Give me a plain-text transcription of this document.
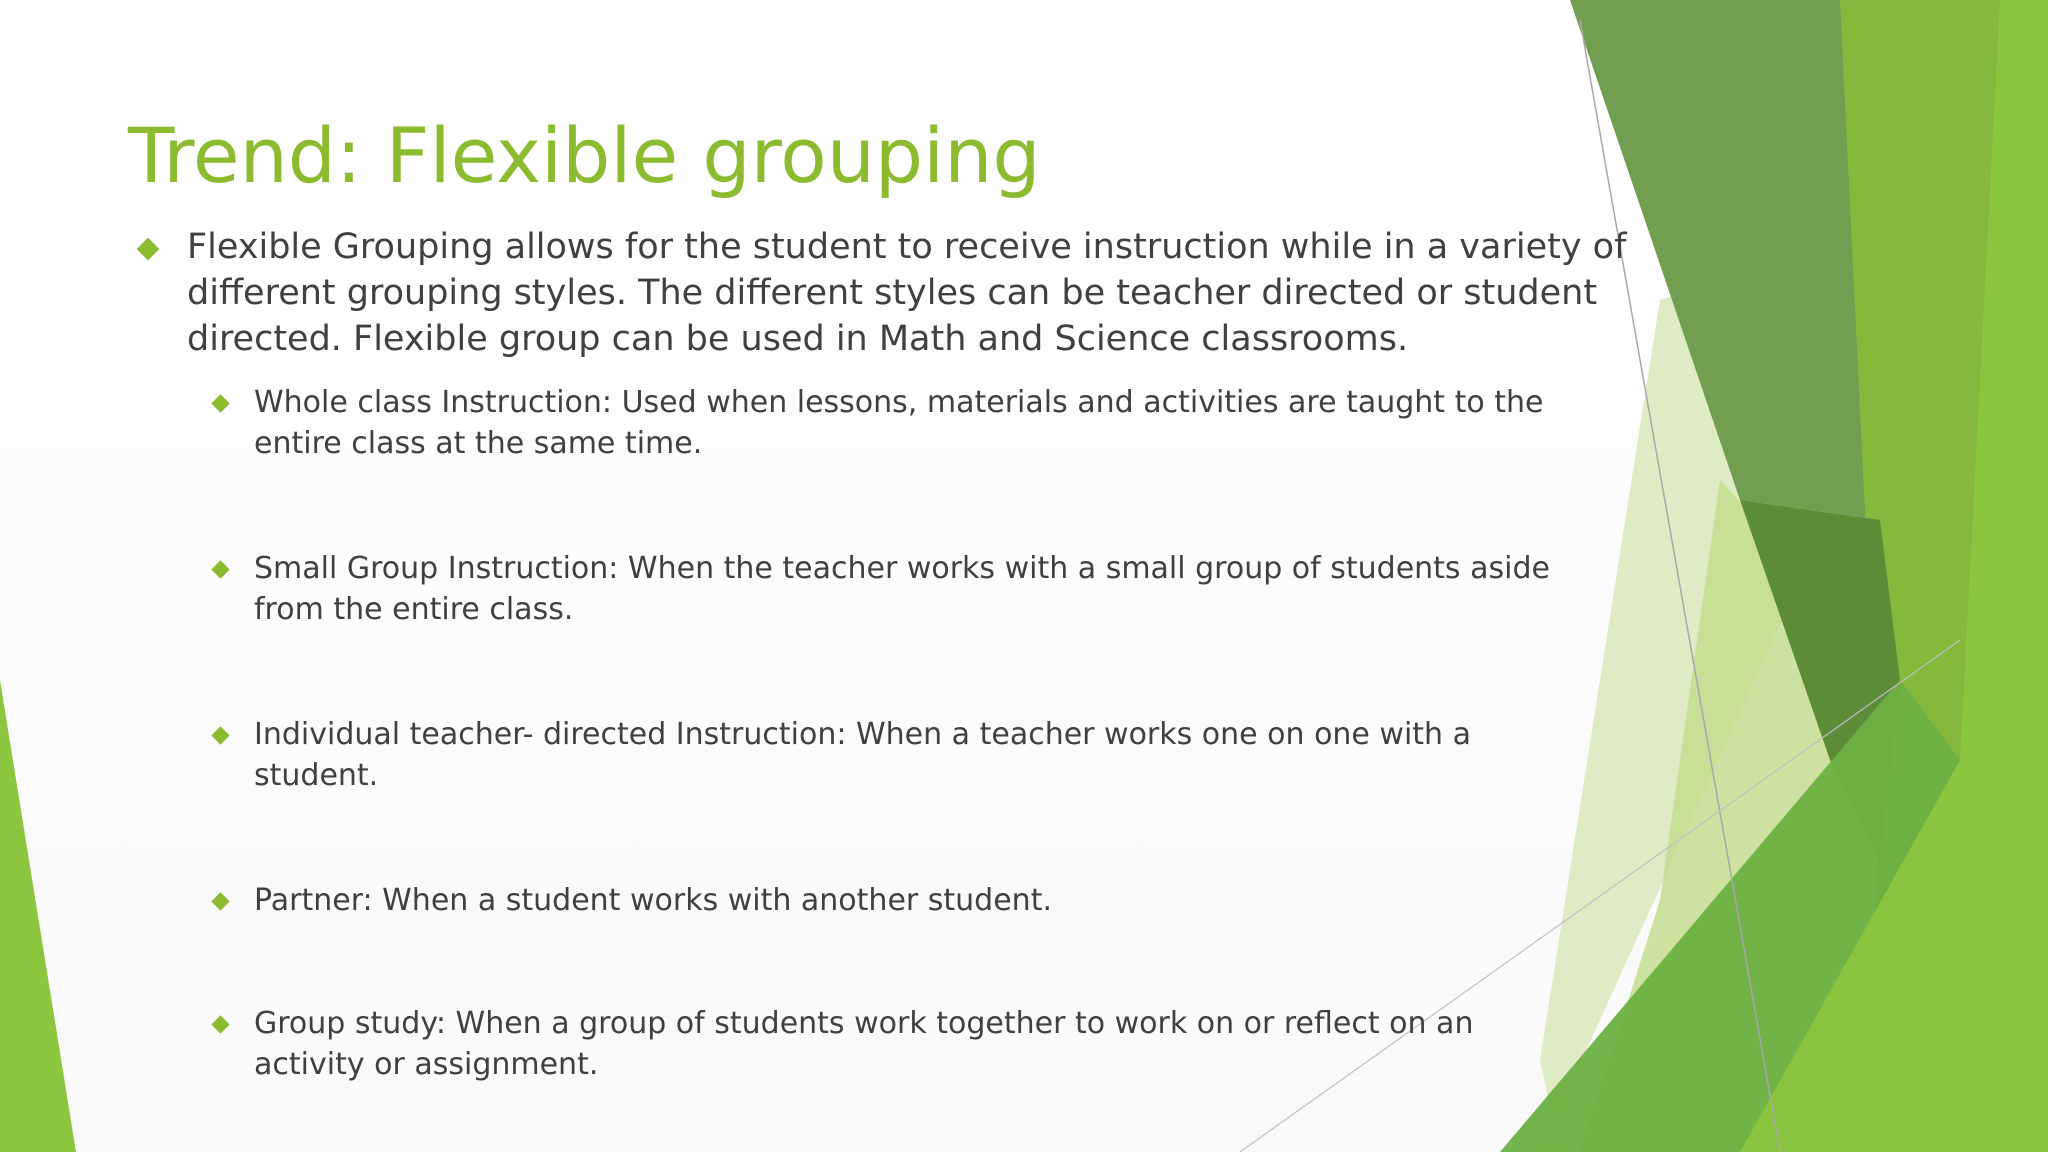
Trend: Flexible grouping
Flexible Grouping allows for the student to receive instruction while in a variety of different grouping styles. The different styles can be teacher directed or student directed. Flexible group can be used in Math and Science classrooms.
Whole class Instruction: Used when lessons, materials and activities are taught to the
entire class at the same time.
Small Group Instruction: When the teacher works with a small group of students aside
from the entire class.
Individual teacher- directed Instruction: When a teacher works one on one with a
student.
Partner: When a student works with another student.
Group study: When a group of students work together to work on or reflect on an
activity or assignment.
